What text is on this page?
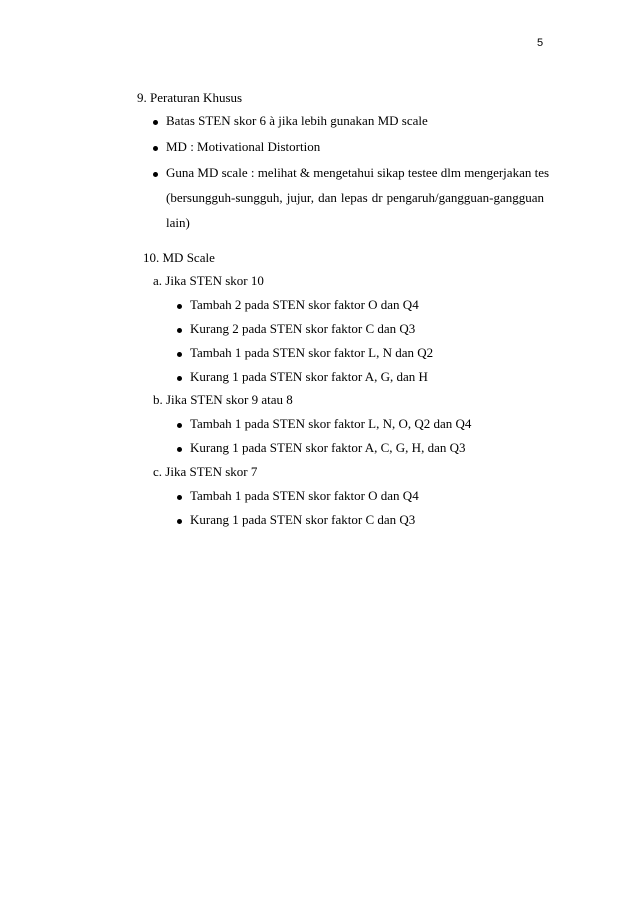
5
9. Peraturan Khusus
Batas STEN skor 6 à jika lebih gunakan MD scale
MD : Motivational Distortion
Guna MD scale : melihat & mengetahui sikap testee dlm mengerjakan tes
(bersungguh-sungguh, jujur, dan lepas dr pengaruh/gangguan-gangguan
lain)
10. MD Scale
a. Jika STEN skor 10
Tambah 2 pada STEN skor faktor O dan Q4
Kurang 2 pada STEN skor faktor C dan Q3
Tambah 1 pada STEN skor faktor L, N dan Q2
Kurang 1 pada STEN skor faktor A, G, dan H
b. Jika STEN skor 9 atau 8
Tambah 1 pada STEN skor faktor L, N, O, Q2 dan Q4
Kurang 1 pada STEN skor faktor A, C, G, H, dan Q3
c. Jika STEN skor 7
Tambah 1 pada STEN skor faktor O dan Q4
Kurang 1 pada STEN skor faktor C dan Q3
